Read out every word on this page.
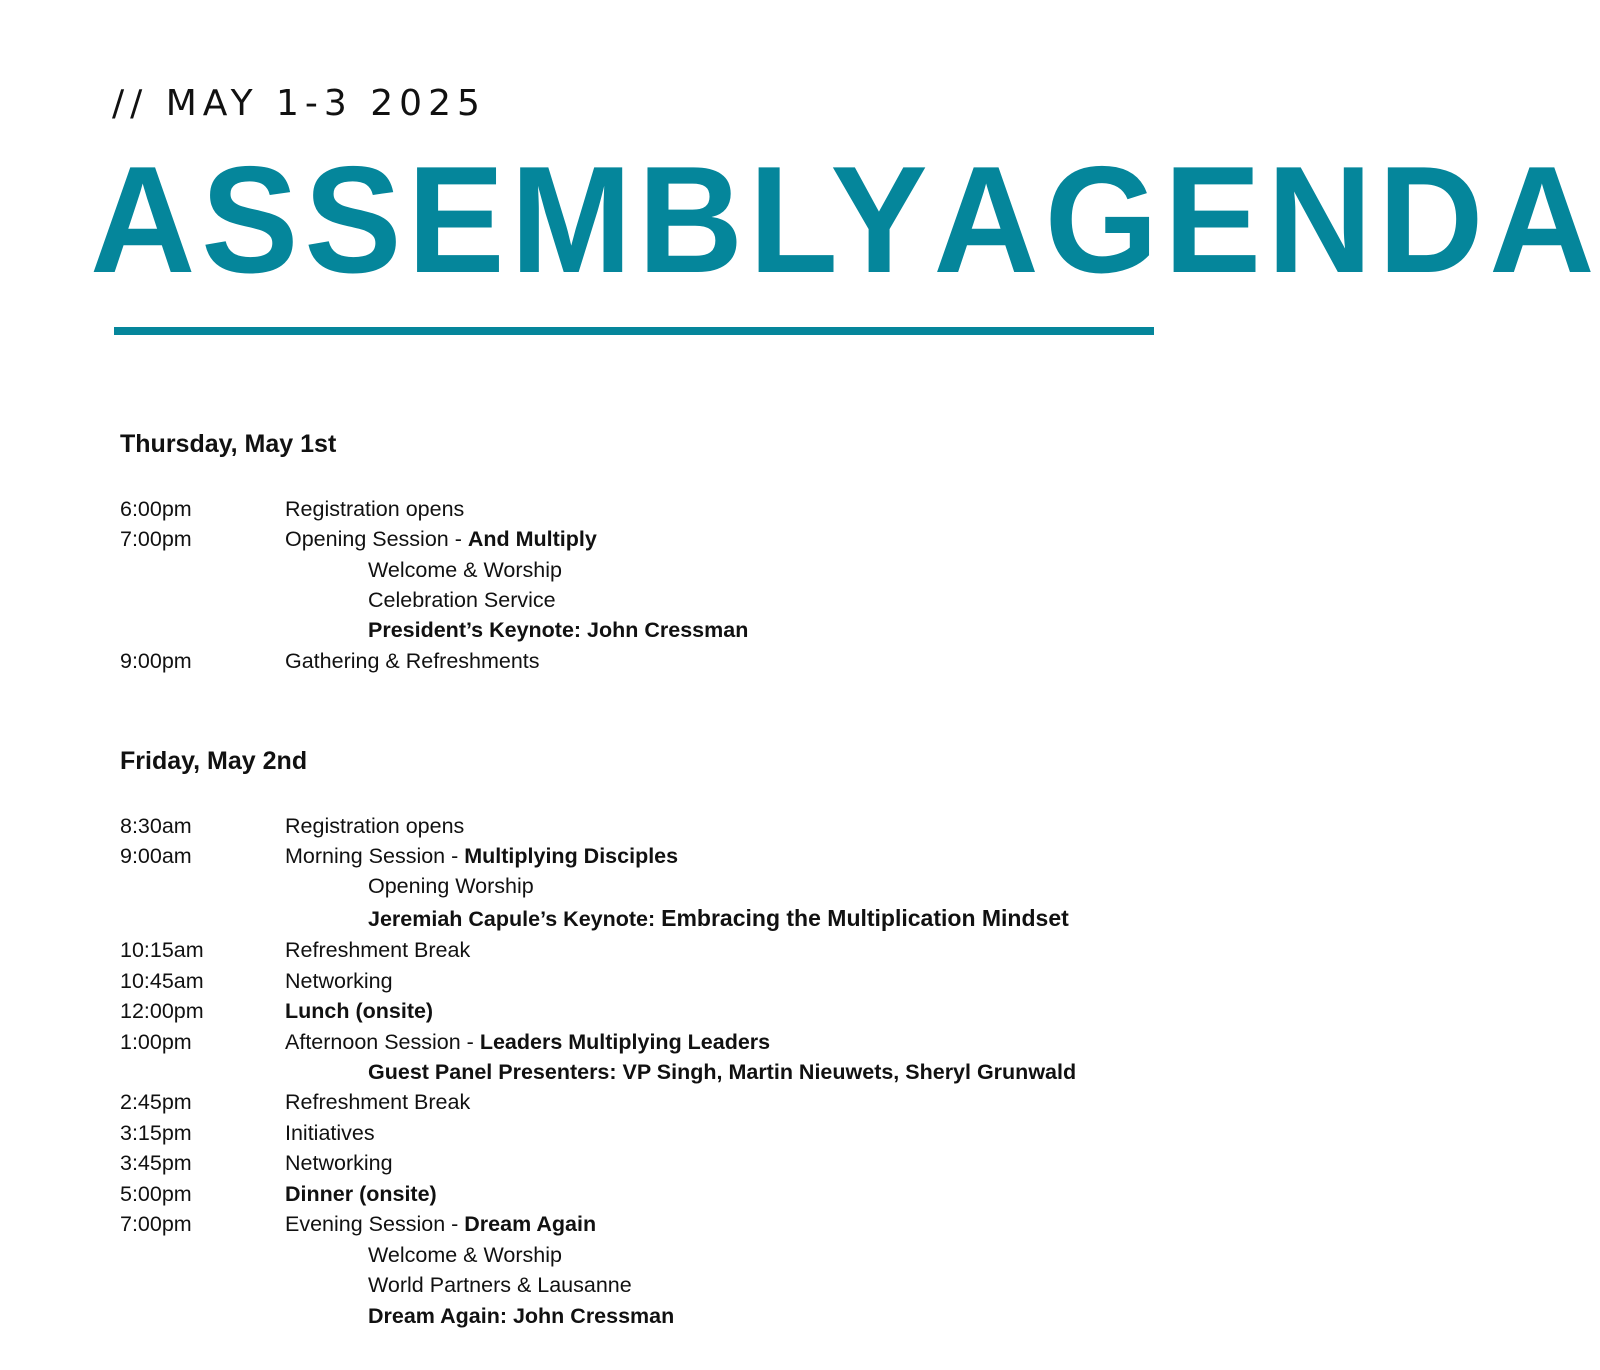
// MAY 1-3 2025
ASSEMBLY AGENDA
Thursday, May 1st
6:00pm	Registration opens
7:00pm	Opening Session - And Multiply
Welcome & Worship
Celebration Service
President’s Keynote: John Cressman
9:00pm	Gathering & Refreshments
Friday, May 2nd
8:30am	Registration opens
9:00am	Morning Session - Multiplying Disciples
Opening Worship
Jeremiah Capule’s Keynote: Embracing the Multiplication Mindset
10:15am	Refreshment Break
10:45am	Networking
12:00pm	Lunch (onsite)
1:00pm	Afternoon Session - Leaders Multiplying Leaders
Guest Panel Presenters: VP Singh, Martin Nieuwets, Sheryl Grunwald
2:45pm	Refreshment Break
3:15pm	Initiatives
3:45pm	Networking
5:00pm	Dinner (onsite)
7:00pm	Evening Session - Dream Again
Welcome & Worship
World Partners & Lausanne
Dream Again: John Cressman
